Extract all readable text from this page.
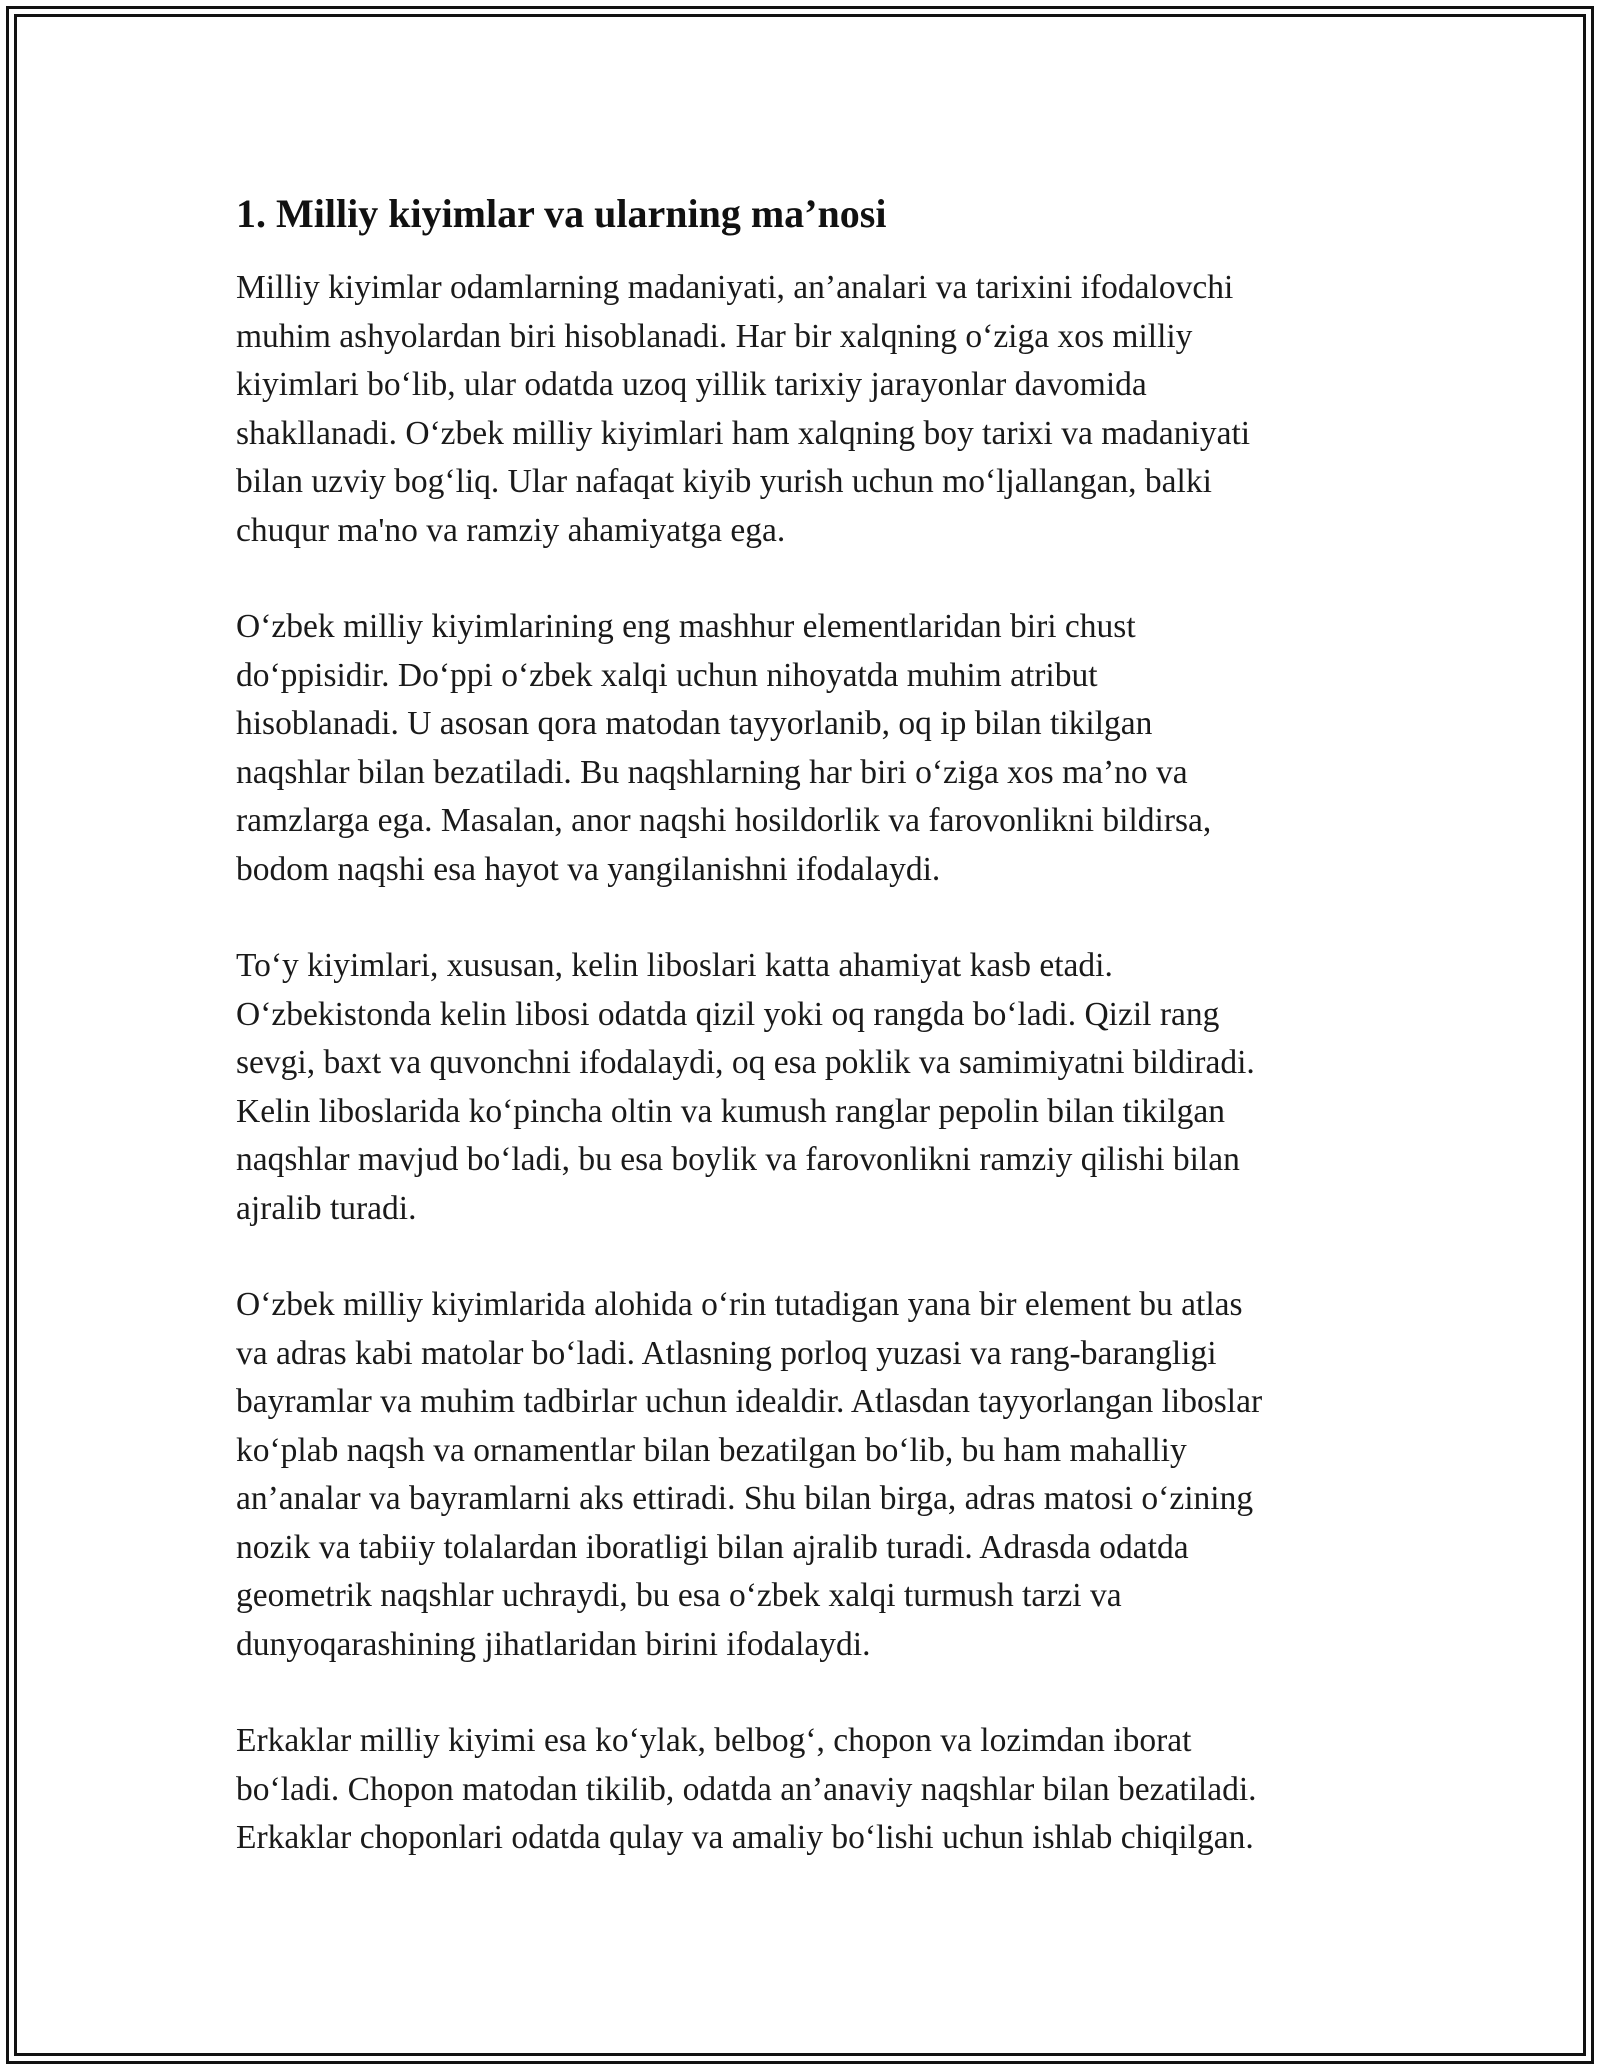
1. Milliy kiyimlar va ularning ma’nosi

Milliy kiyimlar odamlarning madaniyati, an’analari va tarixini ifodalovchi
muhim ashyolardan biri hisoblanadi. Har bir xalqning o‘ziga xos milliy
kiyimlari bo‘lib, ular odatda uzoq yillik tarixiy jarayonlar davomida
shakllanadi. O‘zbek milliy kiyimlari ham xalqning boy tarixi va madaniyati
bilan uzviy bog‘liq. Ular nafaqat kiyib yurish uchun mo‘ljallangan, balki
chuqur ma'no va ramziy ahamiyatga ega.

O‘zbek milliy kiyimlarining eng mashhur elementlaridan biri chust
do‘ppisidir. Do‘ppi o‘zbek xalqi uchun nihoyatda muhim atribut
hisoblanadi. U asosan qora matodan tayyorlanib, oq ip bilan tikilgan
naqshlar bilan bezatiladi. Bu naqshlarning har biri o‘ziga xos ma’no va
ramzlarga ega. Masalan, anor naqshi hosildorlik va farovonlikni bildirsa,
bodom naqshi esa hayot va yangilanishni ifodalaydi.

To‘y kiyimlari, xususan, kelin liboslari katta ahamiyat kasb etadi.
O‘zbekistonda kelin libosi odatda qizil yoki oq rangda bo‘ladi. Qizil rang
sevgi, baxt va quvonchni ifodalaydi, oq esa poklik va samimiyatni bildiradi.
Kelin liboslarida ko‘pincha oltin va kumush ranglar pepolin bilan tikilgan
naqshlar mavjud bo‘ladi, bu esa boylik va farovonlikni ramziy qilishi bilan
ajralib turadi.

O‘zbek milliy kiyimlarida alohida o‘rin tutadigan yana bir element bu atlas
va adras kabi matolar bo‘ladi. Atlasning porloq yuzasi va rang-barangligi
bayramlar va muhim tadbirlar uchun idealdir. Atlasdan tayyorlangan liboslar
ko‘plab naqsh va ornamentlar bilan bezatilgan bo‘lib, bu ham mahalliy
an’analar va bayramlarni aks ettiradi. Shu bilan birga, adras matosi o‘zining
nozik va tabiiy tolalardan iboratligi bilan ajralib turadi. Adrasda odatda
geometrik naqshlar uchraydi, bu esa o‘zbek xalqi turmush tarzi va
dunyoqarashining jihatlaridan birini ifodalaydi.

Erkaklar milliy kiyimi esa ko‘ylak, belbog‘, chopon va lozimdan iborat
bo‘ladi. Chopon matodan tikilib, odatda an’anaviy naqshlar bilan bezatiladi.
Erkaklar choponlari odatda qulay va amaliy bo‘lishi uchun ishlab chiqilgan.
